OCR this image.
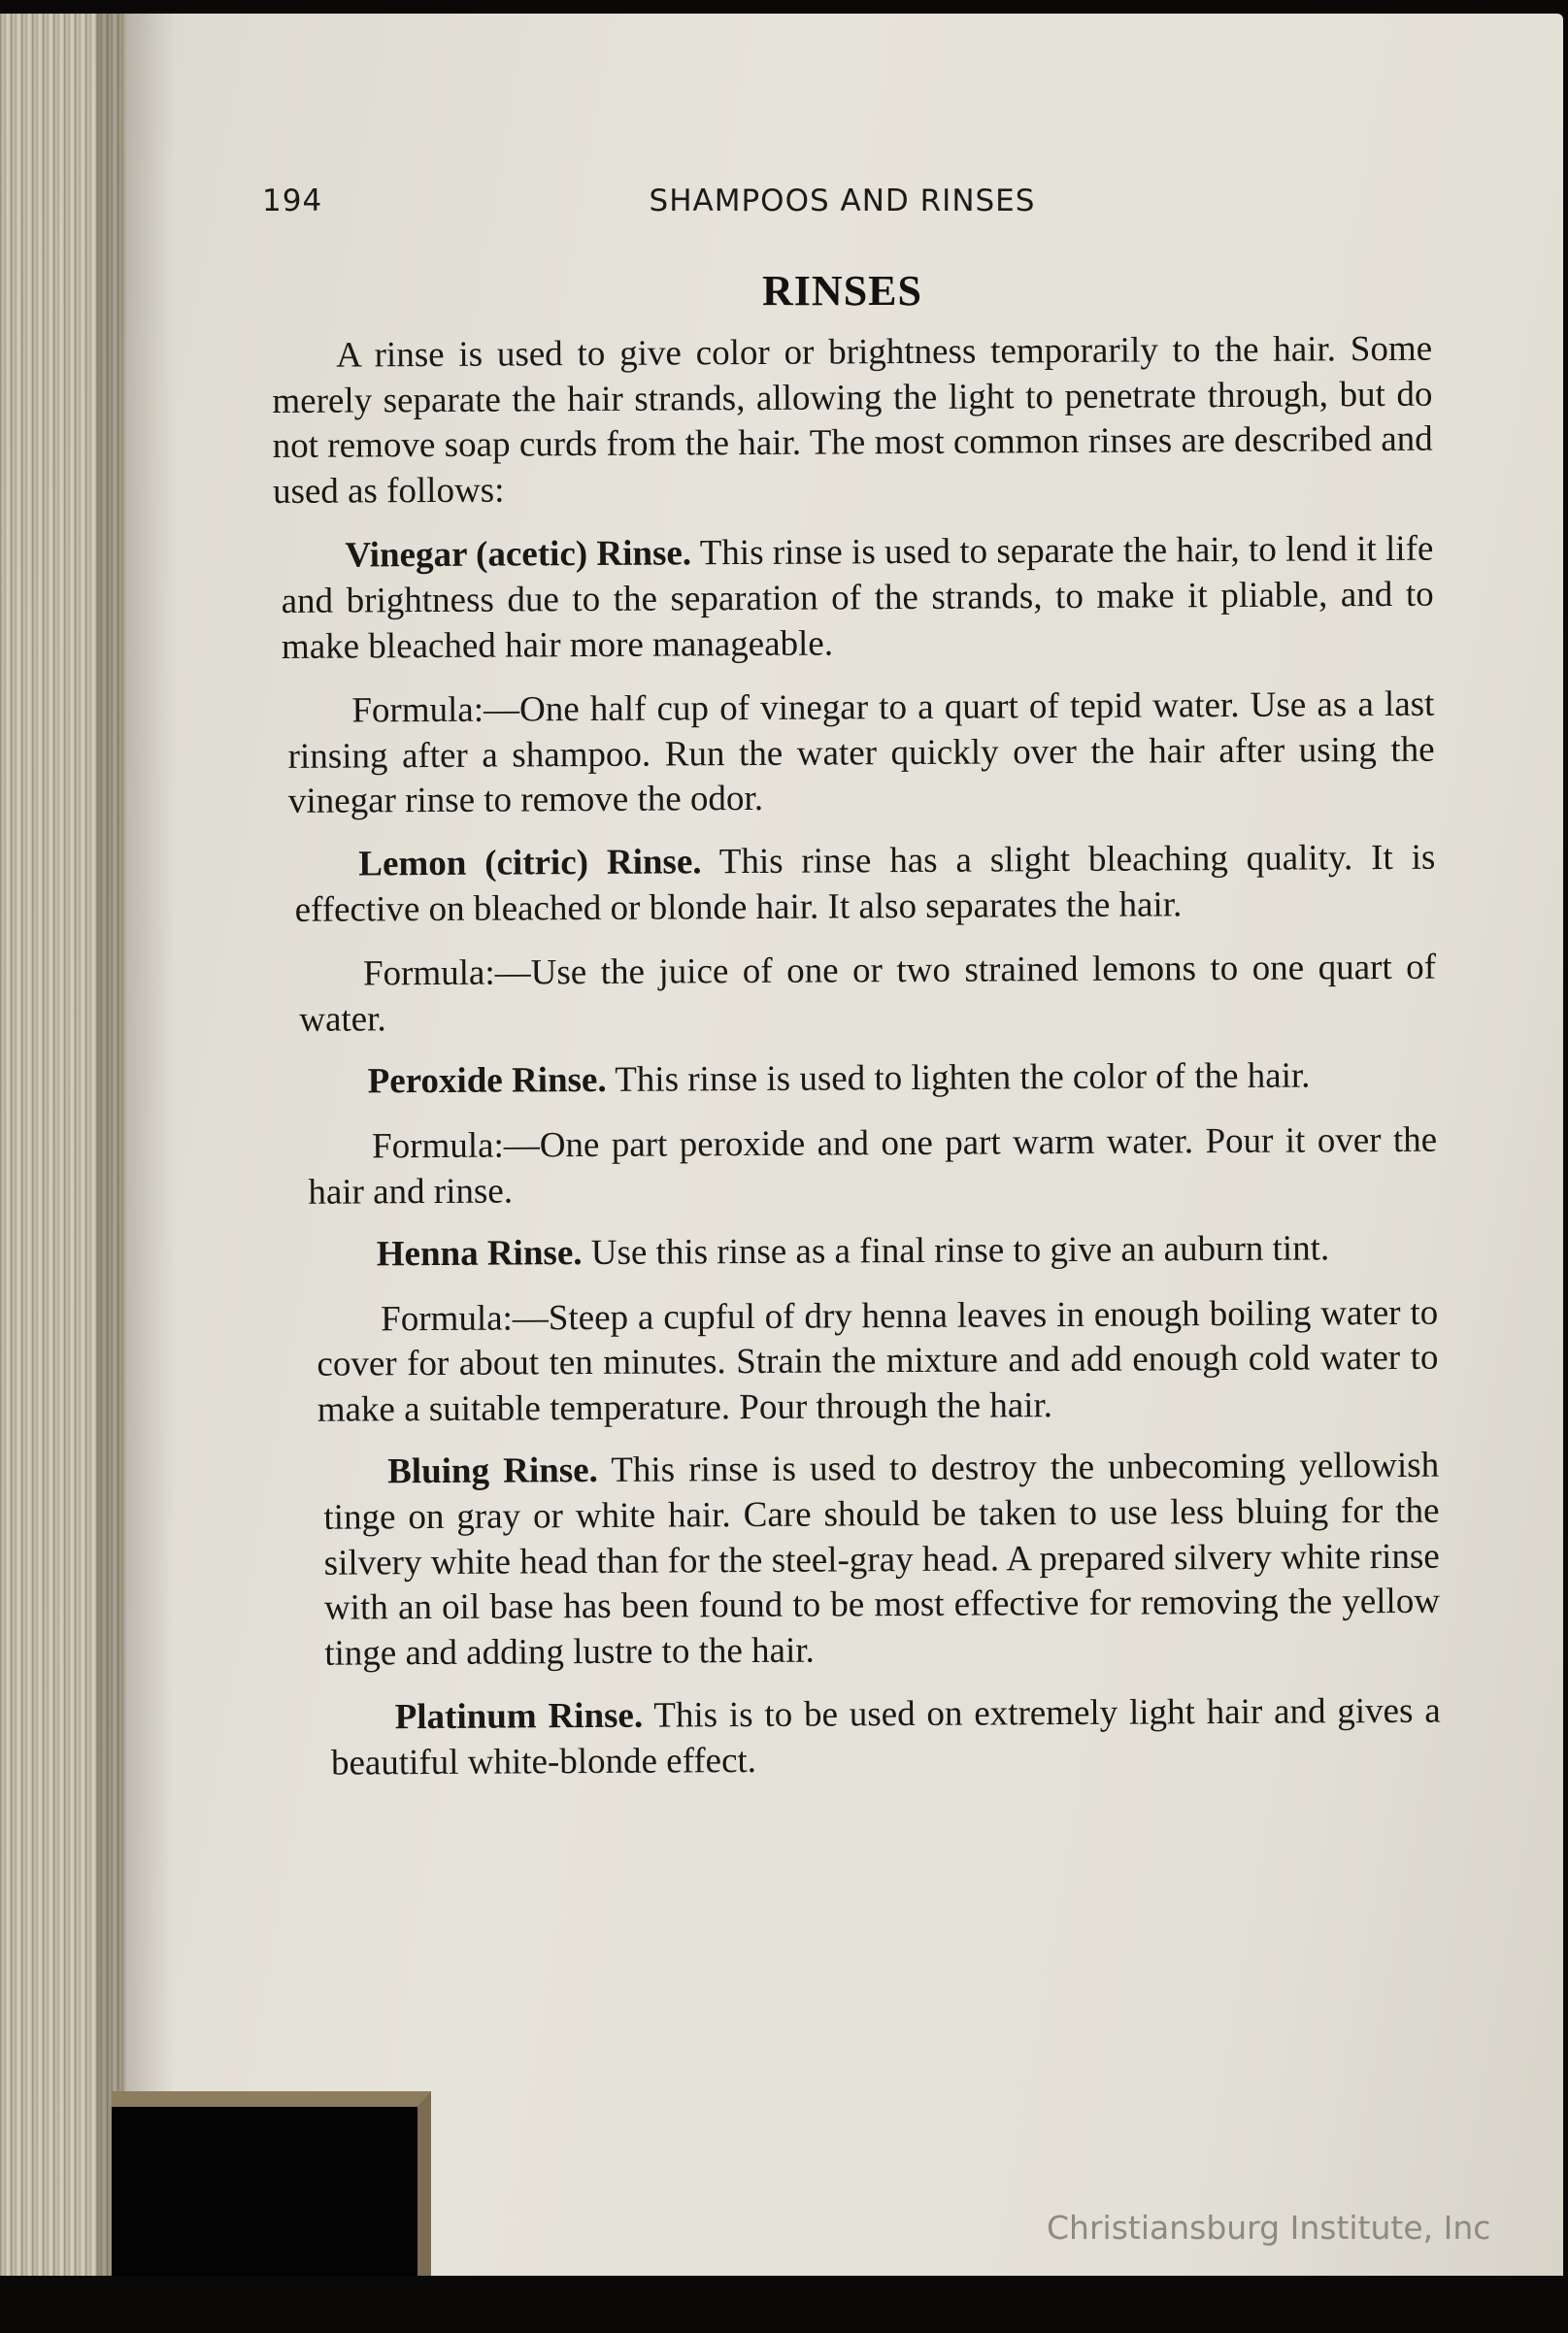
194	SHAMPOOS AND RINSES
RINSES

A rinse is used to give color or brightness temporarily to the hair. Some merely separate the hair strands, allowing the light to penetrate through, but do not remove soap curds from the hair. The most common rinses are described and used as follows:

Vinegar (acetic) Rinse. This rinse is used to separate the hair, to lend it life and brightness due to the separation of the strands, to make it pliable, and to make bleached hair more manageable.

Formula:—One half cup of vinegar to a quart of tepid water. Use as a last rinsing after a shampoo. Run the water quickly over the hair after using the vinegar rinse to remove the odor.

Lemon (citric) Rinse. This rinse has a slight bleaching quality. It is effective on bleached or blonde hair. It also separates the hair.

Formula:—Use the juice of one or two strained lemons to one quart of water.

Peroxide Rinse. This rinse is used to lighten the color of the hair.

Formula:—One part peroxide and one part warm water. Pour it over the hair and rinse.

Henna Rinse. Use this rinse as a final rinse to give an auburn tint.

Formula:—Steep a cupful of dry henna leaves in enough boiling water to cover for about ten minutes. Strain the mixture and add enough cold water to make a suitable temperature. Pour through the hair.

Bluing Rinse. This rinse is used to destroy the unbecoming yellowish tinge on gray or white hair. Care should be taken to use less bluing for the silvery white head than for the steel-gray head. A prepared silvery white rinse with an oil base has been found to be most effective for removing the yellow tinge and adding lustre to the hair.

Platinum Rinse. This is to be used on extremely light hair and gives a beautiful white-blonde effect.

Christiansburg Institute, Inc
